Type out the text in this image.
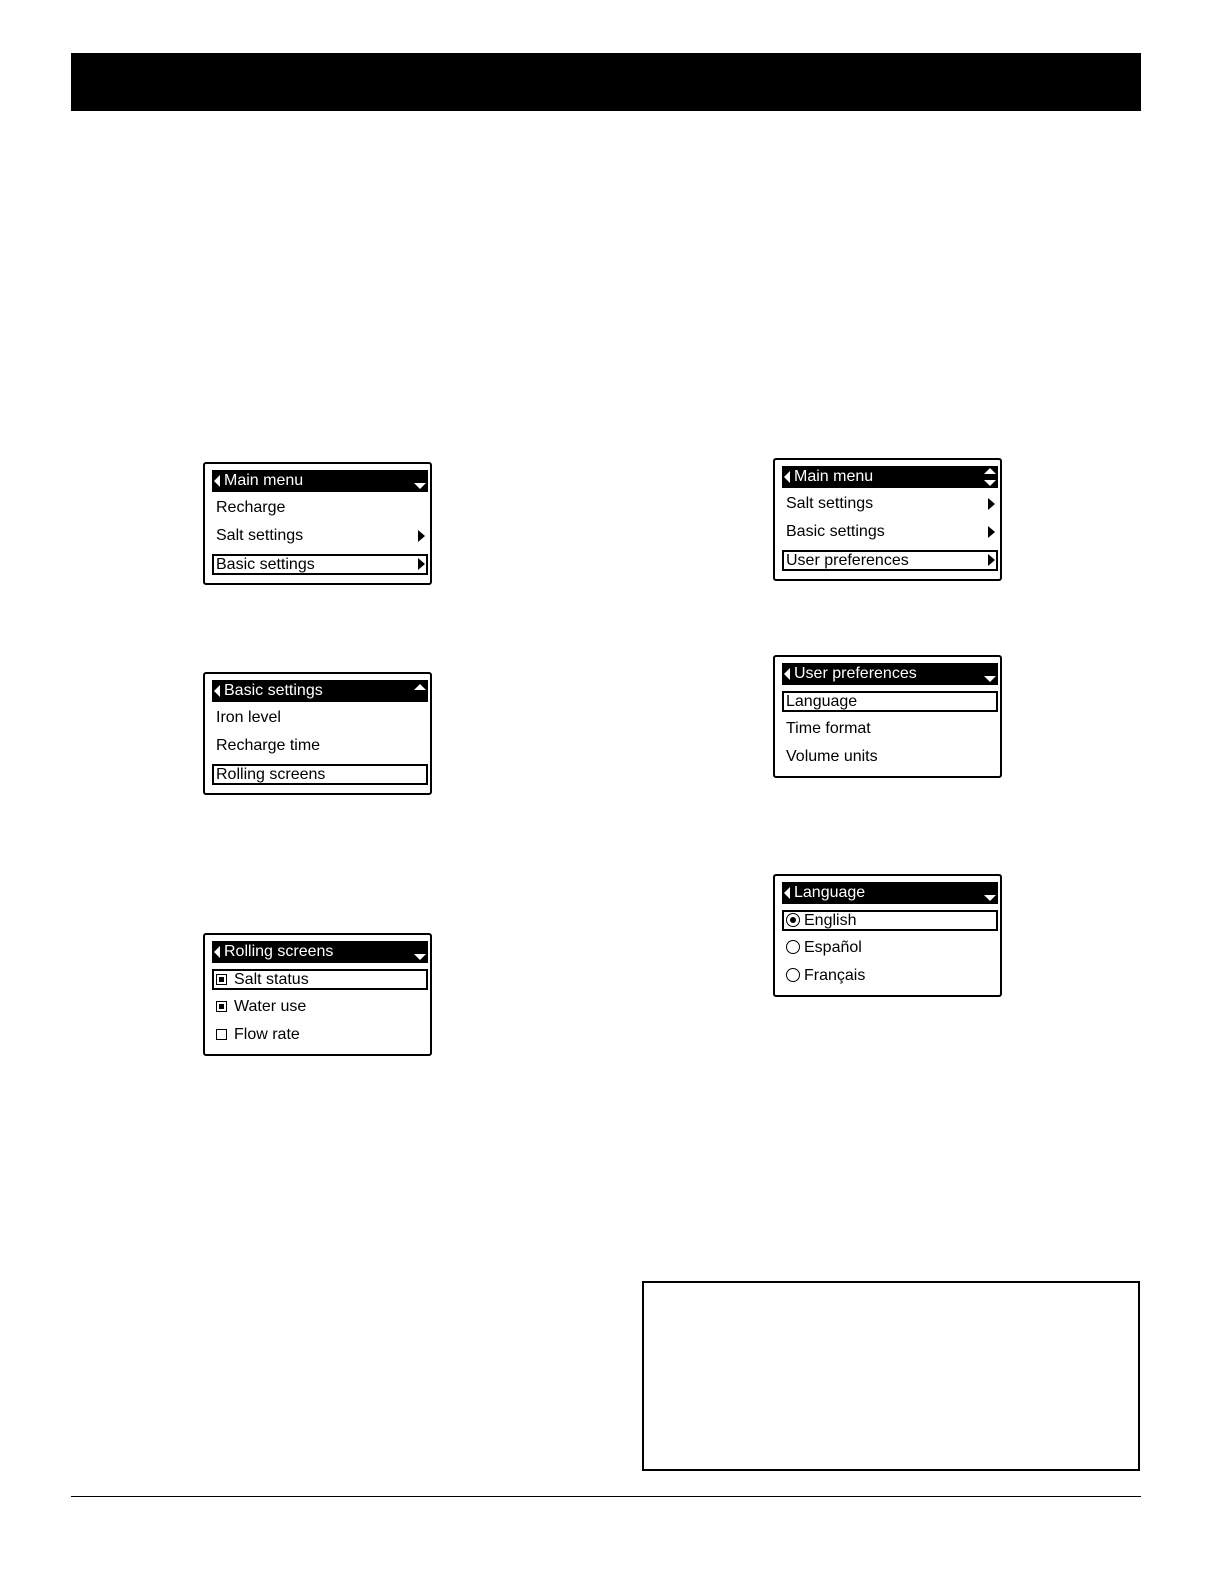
Main menu
Recharge
Salt settings
Basic settings
Basic settings
Iron level
Recharge time
Rolling screens
Rolling screens
Salt status
Water use
Flow rate
Main menu
Salt settings
Basic settings
User preferences
User preferences
Language
Time format
Volume units
Language
English
Español
Français
